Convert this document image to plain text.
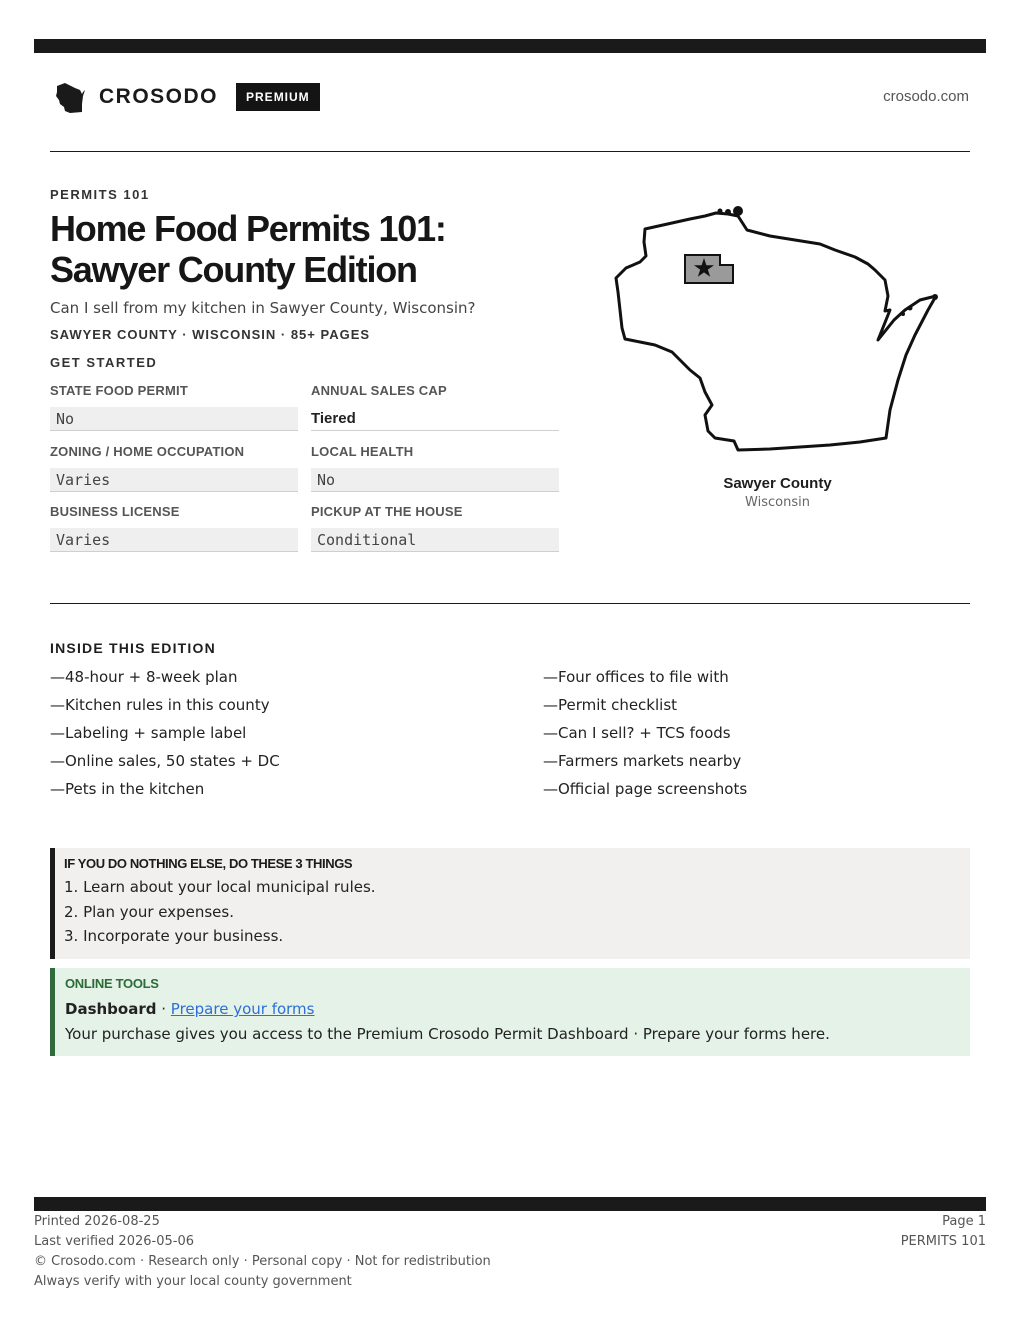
CROSODO	PREMIUM	crosodo.com
PERMITS 101
Home Food Permits 101: Sawyer County Edition
Can I sell from my kitchen in Sawyer County, Wisconsin?
SAWYER COUNTY · WISCONSIN · 85+ PAGES
GET STARTED
STATE FOOD PERMIT
No
ANNUAL SALES CAP
Tiered
ZONING / HOME OCCUPATION
Varies
LOCAL HEALTH
No
BUSINESS LICENSE
Varies
PICKUP AT THE HOUSE
Conditional
Sawyer County
Wisconsin
INSIDE THIS EDITION
—48-hour + 8-week plan
—Kitchen rules in this county
—Labeling + sample label
—Online sales, 50 states + DC
—Pets in the kitchen
—Four offices to file with
—Permit checklist
—Can I sell? + TCS foods
—Farmers markets nearby
—Official page screenshots
IF YOU DO NOTHING ELSE, DO THESE 3 THINGS
1. Learn about your local municipal rules.
2. Plan your expenses.
3. Incorporate your business.
ONLINE TOOLS
Dashboard · Prepare your forms
Your purchase gives you access to the Premium Crosodo Permit Dashboard · Prepare your forms here.
Printed 2026-08-25
Last verified 2026-05-06
© Crosodo.com · Research only · Personal copy · Not for redistribution
Always verify with your local county government
Page 1
PERMITS 101
